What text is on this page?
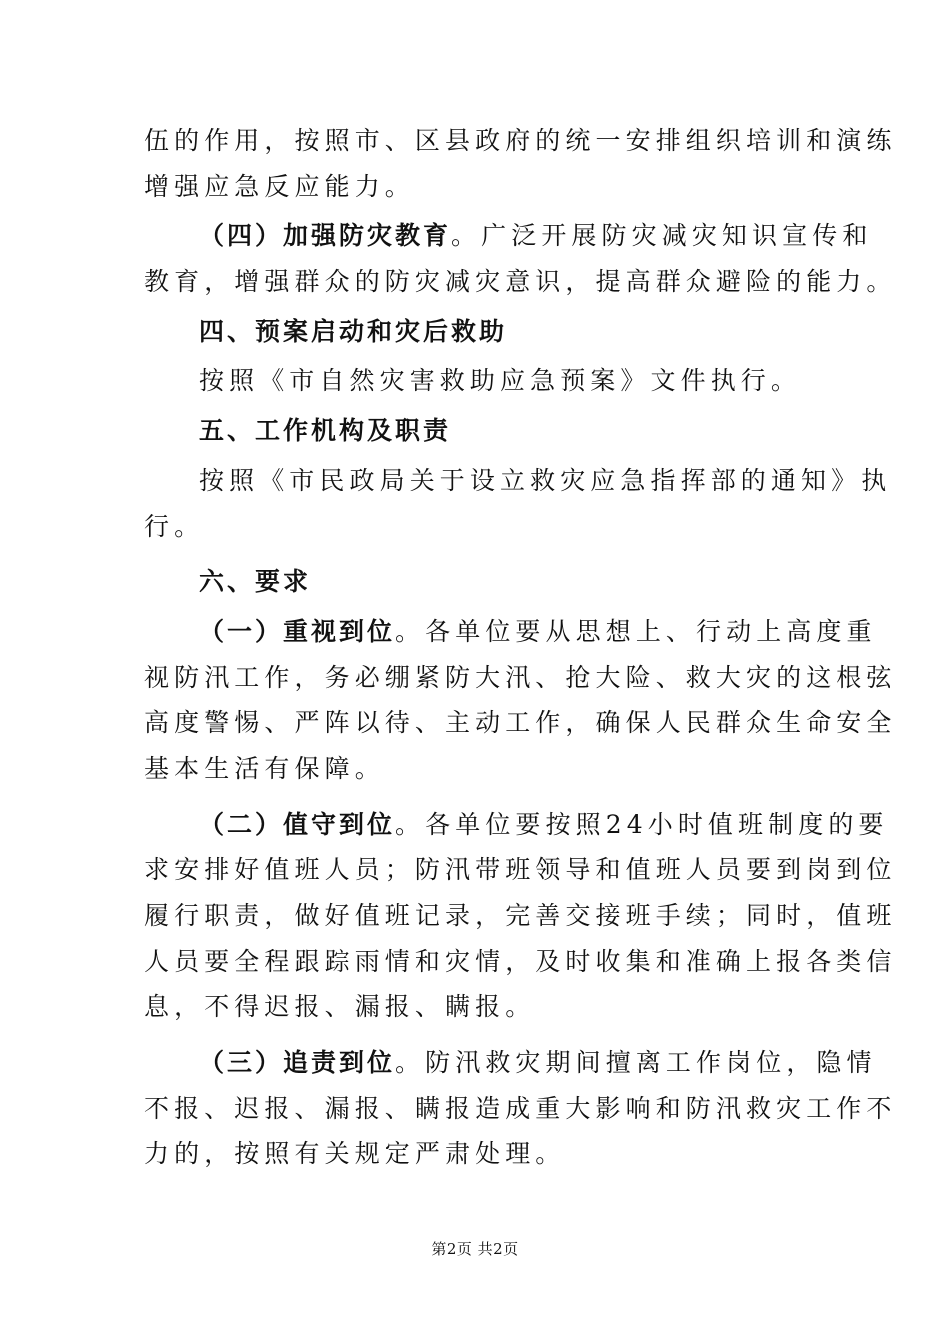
伍的作用，按照市、区县政府的统一安排组织培训和演练
增强应急反应能力。
（四）加强防灾教育。广泛开展防灾减灾知识宣传和
教育，增强群众的防灾减灾意识，提高群众避险的能力。
四、预案启动和灾后救助
按照《市自然灾害救助应急预案》文件执行。
五、工作机构及职责
按照《市民政局关于设立救灾应急指挥部的通知》执
行。
六、要求
（一）重视到位。各单位要从思想上、行动上高度重
视防汛工作，务必绷紧防大汛、抢大险、救大灾的这根弦
高度警惕、严阵以待、主动工作，确保人民群众生命安全
基本生活有保障。
（二）值守到位。各单位要按照24小时值班制度的要
求安排好值班人员；防汛带班领导和值班人员要到岗到位
履行职责，做好值班记录，完善交接班手续；同时，值班
人员要全程跟踪雨情和灾情，及时收集和准确上报各类信
息，不得迟报、漏报、瞒报。
（三）追责到位。防汛救灾期间擅离工作岗位，隐情
不报、迟报、漏报、瞒报造成重大影响和防汛救灾工作不
力的，按照有关规定严肃处理。
第2页 共2页
